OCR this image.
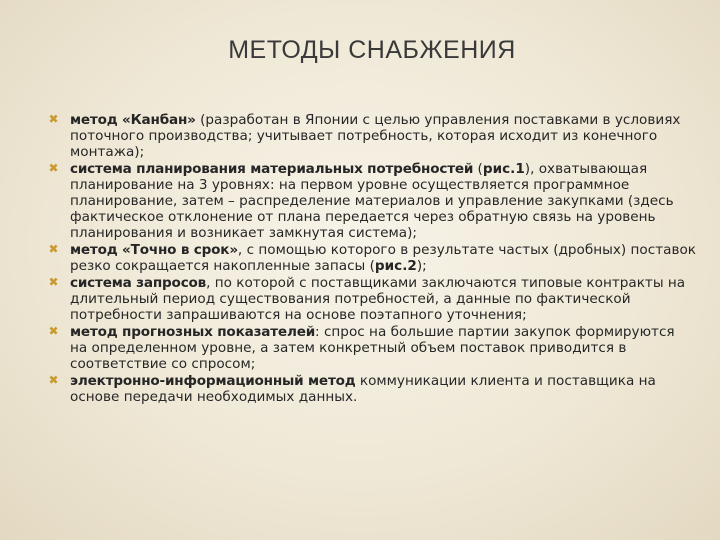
МЕТОДЫ СНАБЖЕНИЯ
✖ метод «Канбан» (разработан в Японии с целью управления поставками в условиях поточного производства; учитывает потребность, которая исходит из конечного монтажа);
✖ система планирования материальных потребностей (рис.1), охватывающая планирование на 3 уровнях: на первом уровне осуществляется программное планирование, затем – распределение материалов и управление закупками (здесь фактическое отклонение от плана передается через обратную связь на уровень планирования и возникает замкнутая система);
✖ метод «Точно в срок», с помощью которого в результате частых (дробных) поставок резко сокращается накопленные запасы (рис.2);
✖ система запросов, по которой с поставщиками заключаются типовые контракты на длительный период существования потребностей, а данные по фактической потребности запрашиваются на основе поэтапного уточнения;
✖ метод прогнозных показателей: спрос на большие партии закупок формируются на определенном уровне, а затем конкретный объем поставок приводится в соответствие со спросом;
✖ электронно-информационный метод коммуникации клиента и поставщика на основе передачи необходимых данных.
